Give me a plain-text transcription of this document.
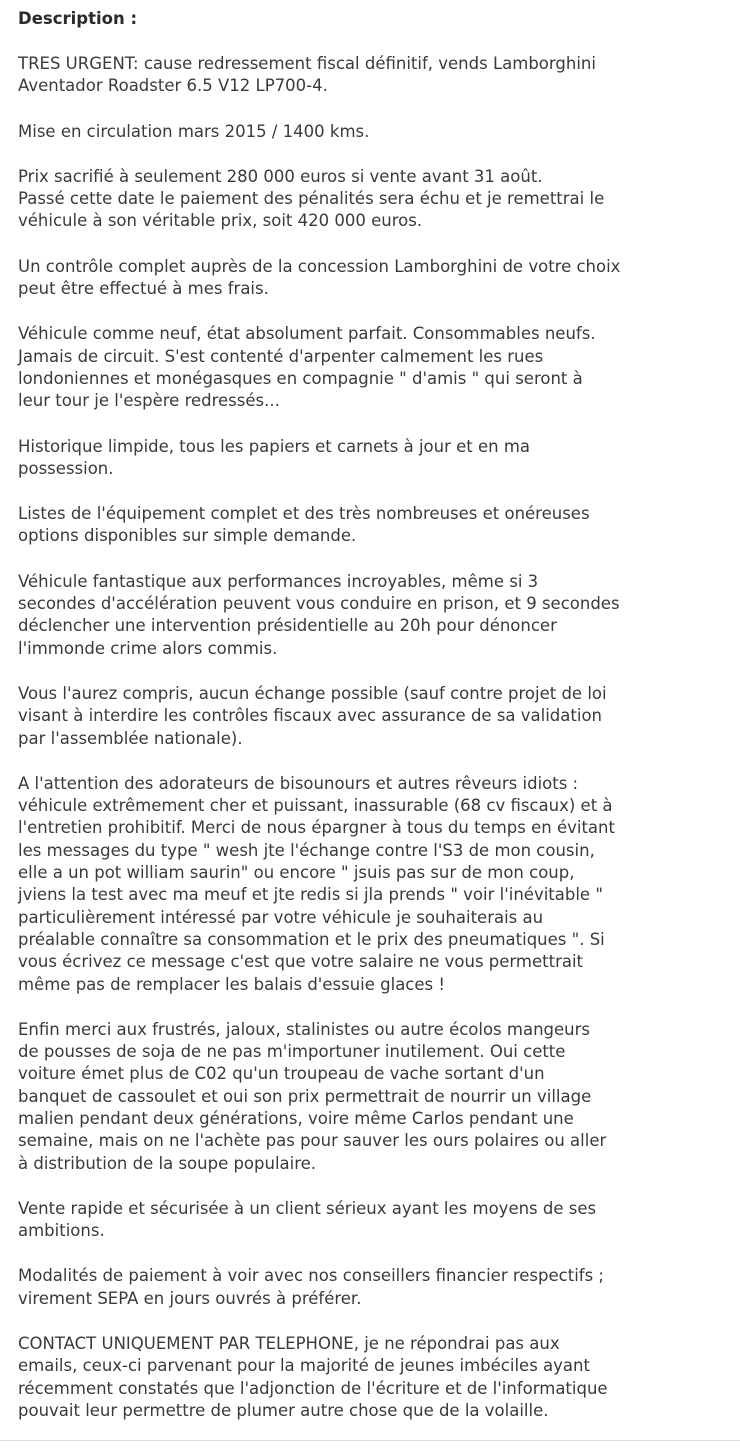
Description :

TRES URGENT: cause redressement fiscal définitif, vends Lamborghini
Aventador Roadster 6.5 V12 LP700-4.

Mise en circulation mars 2015 / 1400 kms.

Prix sacrifié à seulement 280 000 euros si vente avant 31 août.
Passé cette date le paiement des pénalités sera échu et je remettrai le
véhicule à son véritable prix, soit 420 000 euros.

Un contrôle complet auprès de la concession Lamborghini de votre choix
peut être effectué à mes frais.

Véhicule comme neuf, état absolument parfait. Consommables neufs.
Jamais de circuit. S'est contenté d'arpenter calmement les rues
londoniennes et monégasques en compagnie " d'amis " qui seront à
leur tour je l'espère redressés...

Historique limpide, tous les papiers et carnets à jour et en ma
possession.

Listes de l'équipement complet et des très nombreuses et onéreuses
options disponibles sur simple demande.

Véhicule fantastique aux performances incroyables, même si 3
secondes d'accélération peuvent vous conduire en prison, et 9 secondes
déclencher une intervention présidentielle au 20h pour dénoncer
l'immonde crime alors commis.

Vous l'aurez compris, aucun échange possible (sauf contre projet de loi
visant à interdire les contrôles fiscaux avec assurance de sa validation
par l'assemblée nationale).

A l'attention des adorateurs de bisounours et autres rêveurs idiots :
véhicule extrêmement cher et puissant, inassurable (68 cv fiscaux) et à
l'entretien prohibitif. Merci de nous épargner à tous du temps en évitant
les messages du type " wesh jte l'échange contre l'S3 de mon cousin,
elle a un pot william saurin" ou encore " jsuis pas sur de mon coup,
jviens la test avec ma meuf et jte redis si jla prends " voir l'inévitable "
particulièrement intéressé par votre véhicule je souhaiterais au
préalable connaître sa consommation et le prix des pneumatiques ". Si
vous écrivez ce message c'est que votre salaire ne vous permettrait
même pas de remplacer les balais d'essuie glaces !

Enfin merci aux frustrés, jaloux, stalinistes ou autre écolos mangeurs
de pousses de soja de ne pas m'importuner inutilement. Oui cette
voiture émet plus de C02 qu'un troupeau de vache sortant d'un
banquet de cassoulet et oui son prix permettrait de nourrir un village
malien pendant deux générations, voire même Carlos pendant une
semaine, mais on ne l'achète pas pour sauver les ours polaires ou aller
à distribution de la soupe populaire.

Vente rapide et sécurisée à un client sérieux ayant les moyens de ses
ambitions.

Modalités de paiement à voir avec nos conseillers financier respectifs ;
virement SEPA en jours ouvrés à préférer.

CONTACT UNIQUEMENT PAR TELEPHONE, je ne répondrai pas aux
emails, ceux-ci parvenant pour la majorité de jeunes imbéciles ayant
récemment constatés que l'adjonction de l'écriture et de l'informatique
pouvait leur permettre de plumer autre chose que de la volaille.
